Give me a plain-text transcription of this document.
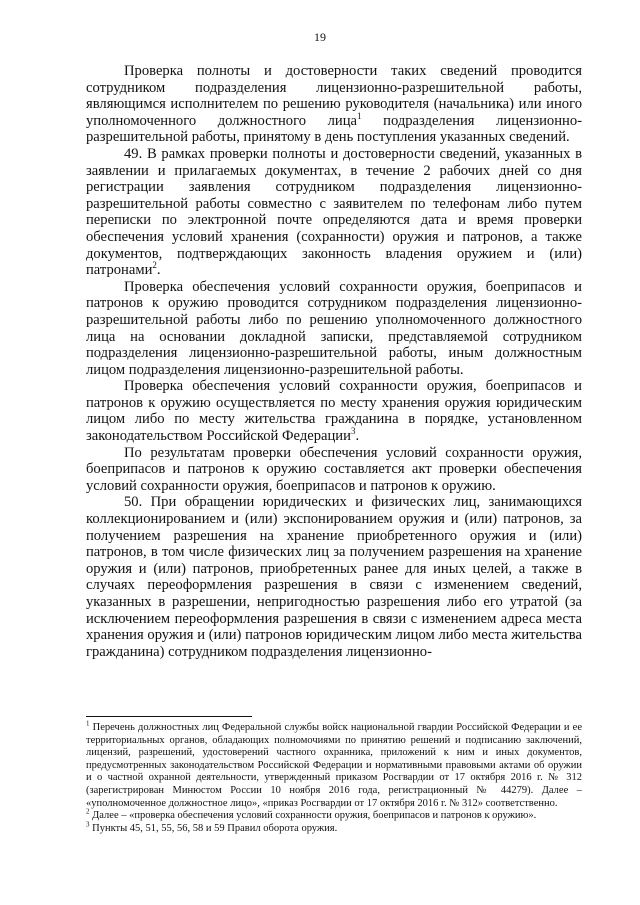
19

Проверка полноты и достоверности таких сведений проводится сотрудником подразделения лицензионно-разрешительной работы, являющимся исполнителем по решению руководителя (начальника) или иного уполномоченного должностного лица$^1$ подразделения лицензионно-разрешительной работы, принятому в день поступления указанных сведений.

49. В рамках проверки полноты и достоверности сведений, указанных в заявлении и прилагаемых документах, в течение 2 рабочих дней со дня регистрации заявления сотрудником подразделения лицензионно-разрешительной работы совместно с заявителем по телефонам либо путем переписки по электронной почте определяются дата и время проверки обеспечения условий хранения (сохранности) оружия и патронов, а также документов, подтверждающих законность владения оружием и (или) патронами$^2$.

Проверка обеспечения условий сохранности оружия, боеприпасов и патронов к оружию проводится сотрудником подразделения лицензионно-разрешительной работы либо по решению уполномоченного должностного лица на основании докладной записки, представляемой сотрудником подразделения лицензионно-разрешительной работы, иным должностным лицом подразделения лицензионно-разрешительной работы.

Проверка обеспечения условий сохранности оружия, боеприпасов и патронов к оружию осуществляется по месту хранения оружия юридическим лицом либо по месту жительства гражданина в порядке, установленном законодательством Российской Федерации$^3$.

По результатам проверки обеспечения условий сохранности оружия, боеприпасов и патронов к оружию составляется акт проверки обеспечения условий сохранности оружия, боеприпасов и патронов к оружию.

50. При обращении юридических и физических лиц, занимающихся коллекционированием и (или) экспонированием оружия и (или) патронов, за получением разрешения на хранение приобретенного оружия и (или) патронов, в том числе физических лиц за получением разрешения на хранение оружия и (или) патронов, приобретенных ранее для иных целей, а также в случаях переоформления разрешения в связи с изменением сведений, указанных в разрешении, непригодностью разрешения либо его утратой (за исключением переоформления разрешения в связи с изменением адреса места хранения оружия и (или) патронов юридическим лицом либо места жительства гражданина) сотрудником подразделения лицензионно-

$^1$ Перечень должностных лиц Федеральной службы войск национальной гвардии Российской Федерации и ее территориальных органов, обладающих полномочиями по принятию решений и подписанию заключений, лицензий, разрешений, удостоверений частного охранника, приложений к ним и иных документов, предусмотренных законодательством Российской Федерации и нормативными правовыми актами об оружии и о частной охранной деятельности, утвержденный приказом Росгвардии от 17 октября 2016 г. № 312 (зарегистрирован Минюстом России 10 ноября 2016 года, регистрационный № 44279). Далее – «уполномоченное должностное лицо», «приказ Росгвардии от 17 октября 2016 г. № 312» соответственно.

$^2$ Далее – «проверка обеспечения условий сохранности оружия, боеприпасов и патронов к оружию».

$^3$ Пункты 45, 51, 55, 56, 58 и 59 Правил оборота оружия.
